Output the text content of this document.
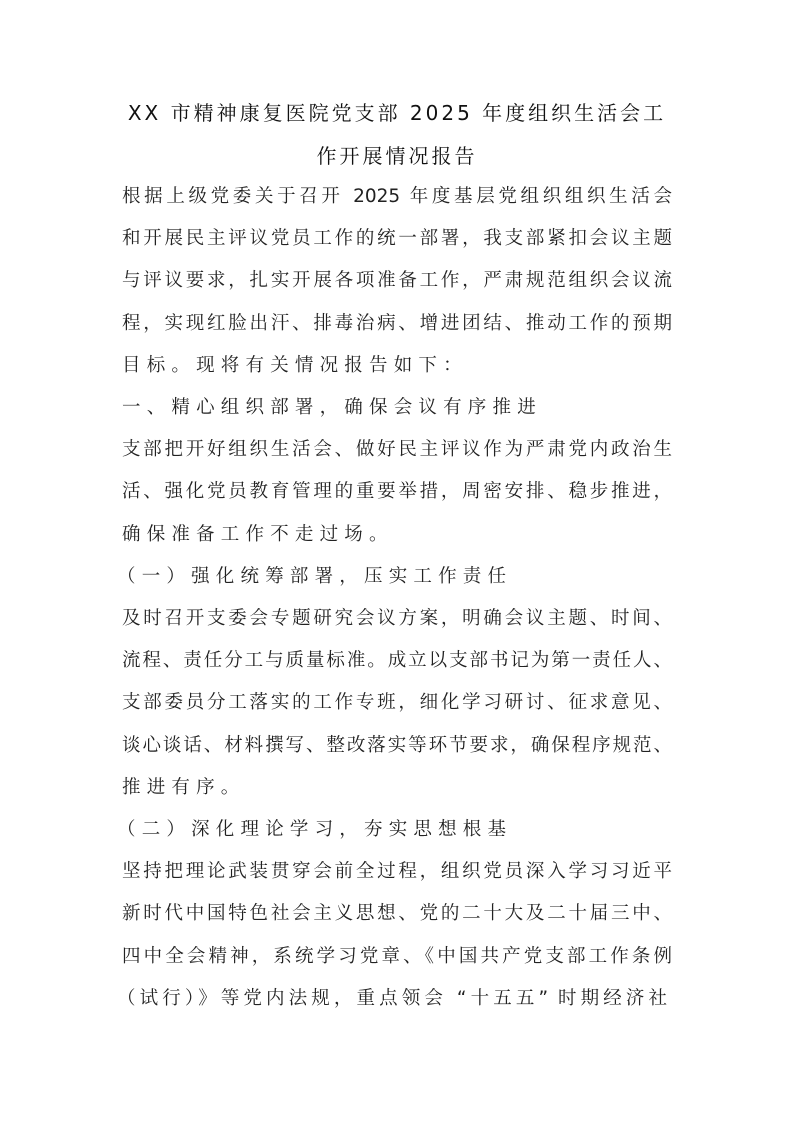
XX 市精神康复医院党支部 2025 年度组织生活会工
作开展情况报告
根据上级党委关于召开 2025 年度基层党组织组织生活会
和开展民主评议党员工作的统一部署，我支部紧扣会议主题
与评议要求，扎实开展各项准备工作，严肃规范组织会议流
程，实现红脸出汗、排毒治病、增进团结、推动工作的预期
目标。现将有关情况报告如下：
一、精心组织部署，确保会议有序推进
支部把开好组织生活会、做好民主评议作为严肃党内政治生
活、强化党员教育管理的重要举措，周密安排、稳步推进，
确保准备工作不走过场。
（一）强化统筹部署，压实工作责任
及时召开支委会专题研究会议方案，明确会议主题、时间、
流程、责任分工与质量标准。成立以支部书记为第一责任人、
支部委员分工落实的工作专班，细化学习研讨、征求意见、
谈心谈话、材料撰写、整改落实等环节要求，确保程序规范、
推进有序。
（二）深化理论学习，夯实思想根基
坚持把理论武装贯穿会前全过程，组织党员深入学习习近平
新时代中国特色社会主义思想、党的二十大及二十届三中、
四中全会精神，系统学习党章、《中国共产党支部工作条例
（试行）》等党内法规，重点领会 “十五五” 时期经济社
